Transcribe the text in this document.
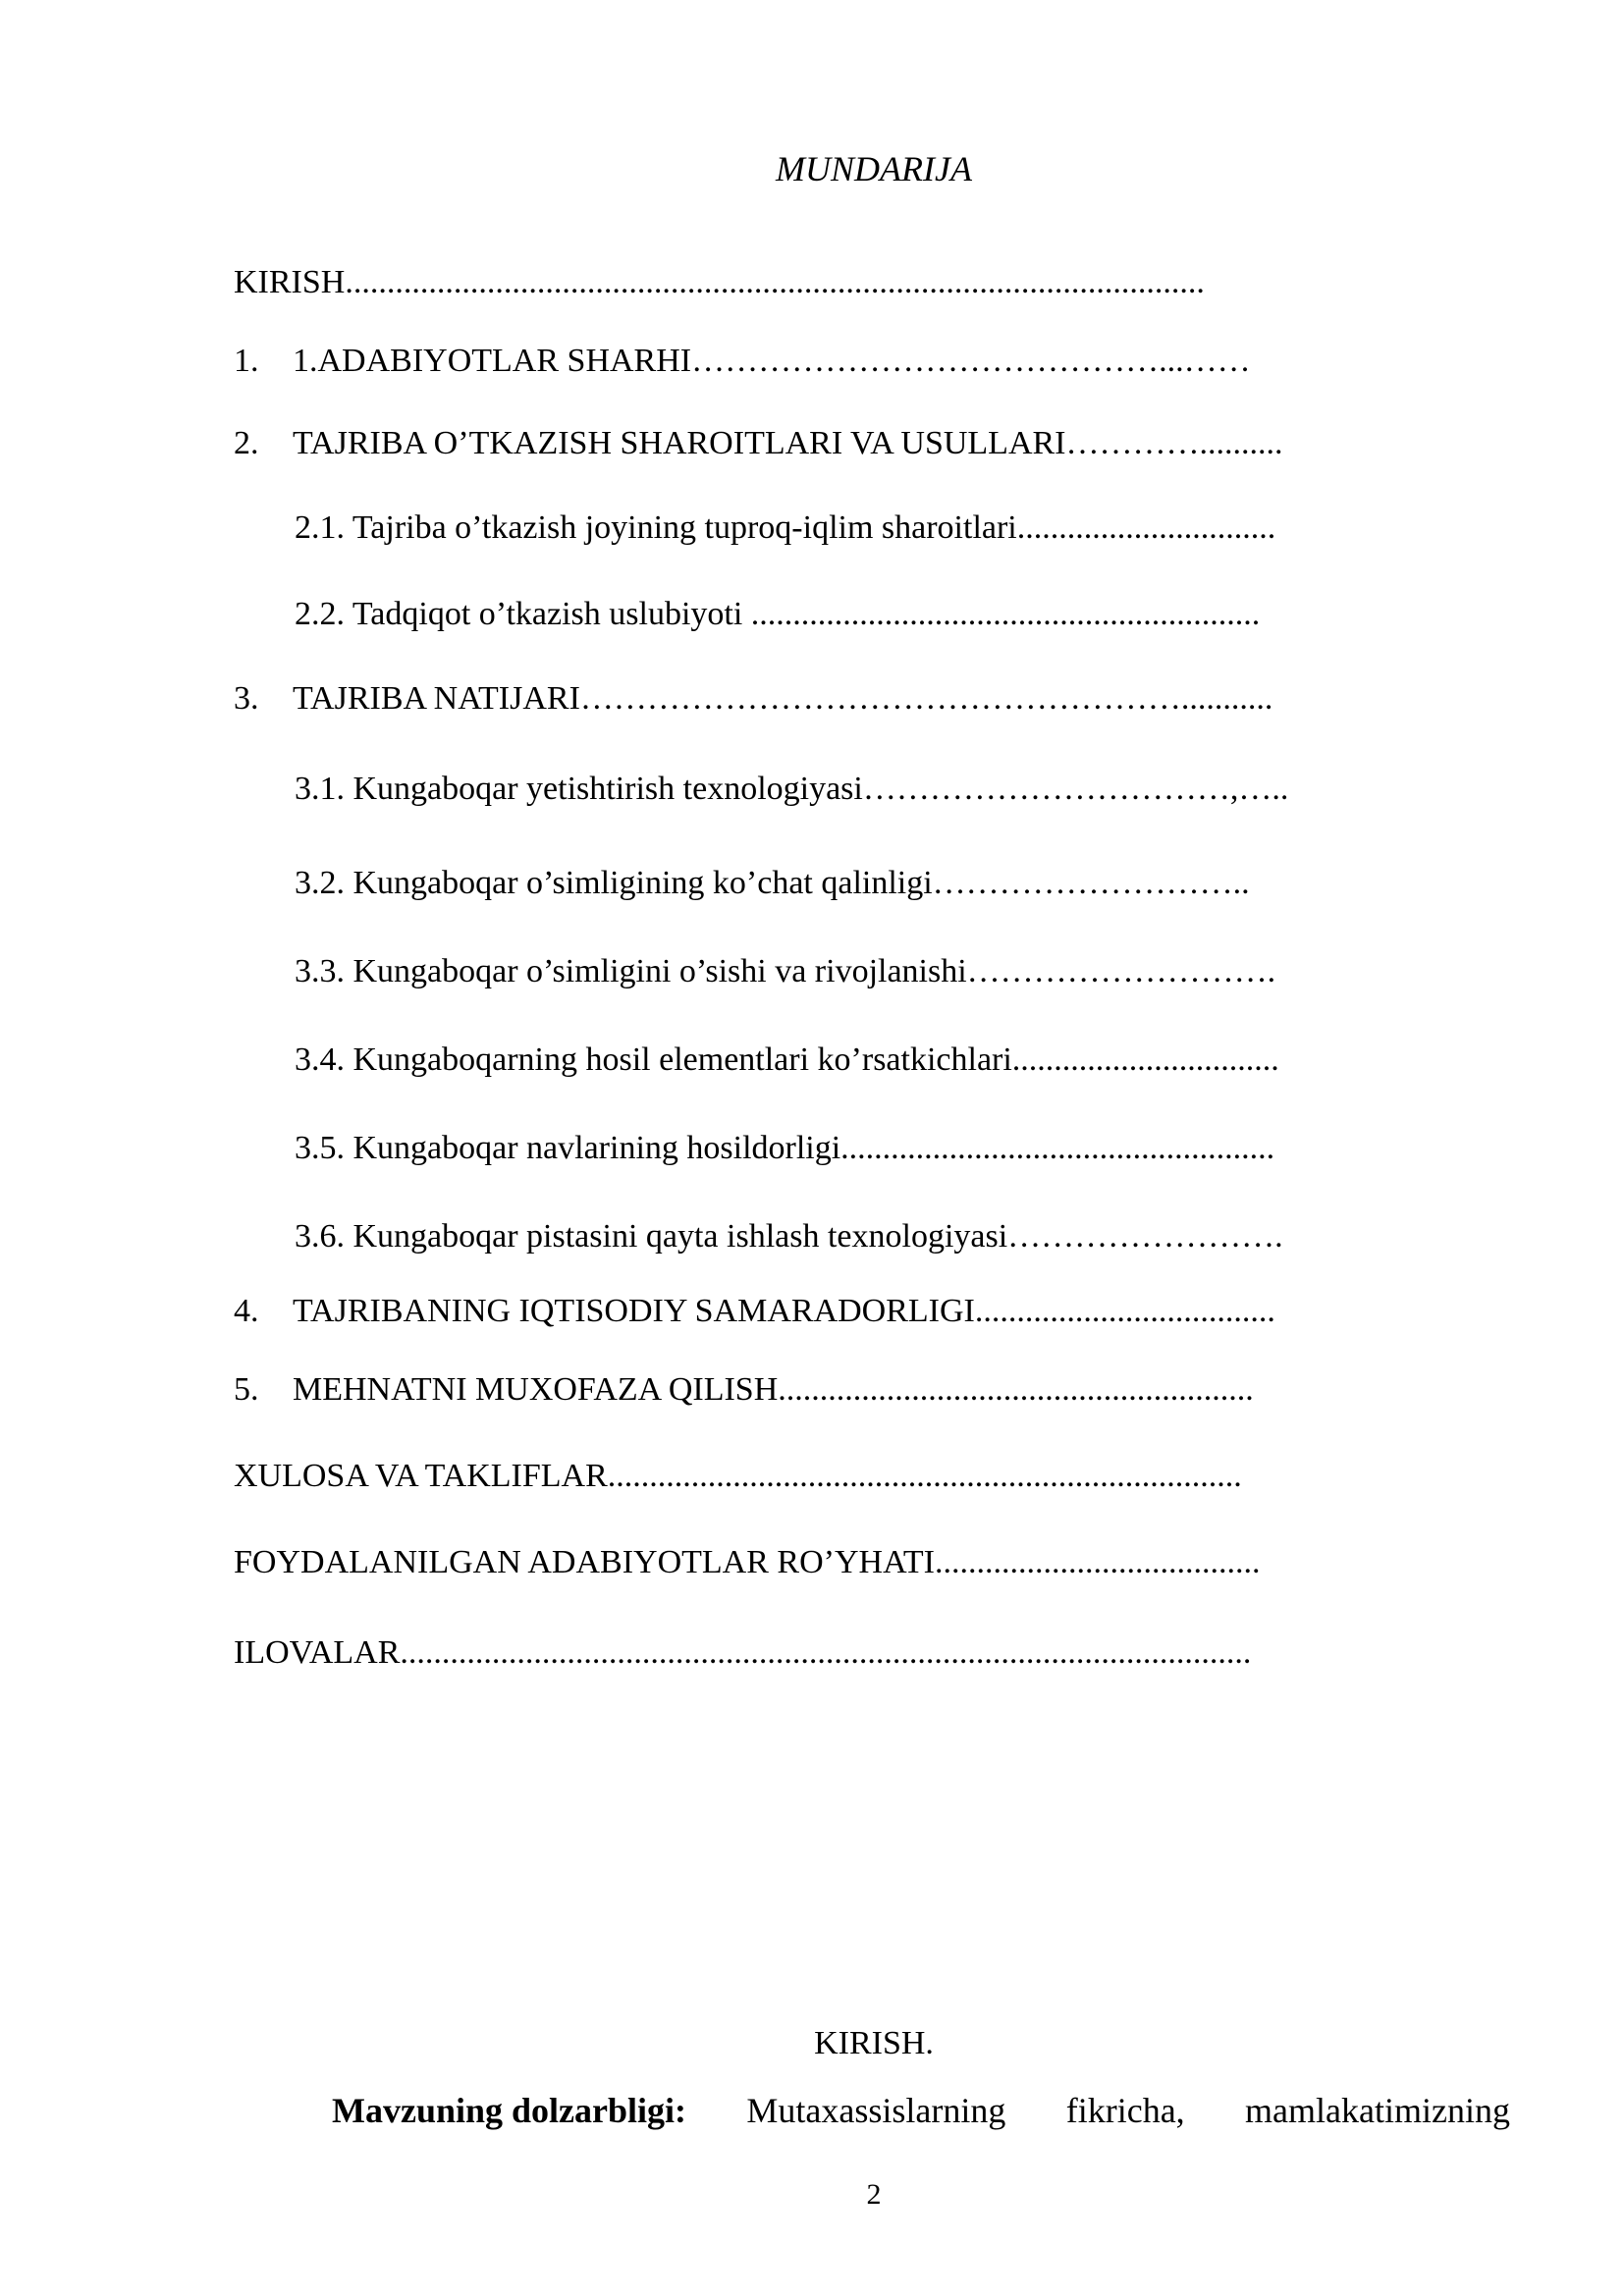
MUNDARIJA
KIRISH.......................................................................................................
1. 1.ADABIYOTLAR SHARHI……………………………………...……
2. TAJRIBA O’TKAZISH SHAROITLARI VA USULLARI…………..........
2.1. Tajriba o’tkazish joyining tuproq-iqlim sharoitlari...............................
2.2. Tadqiqot o’tkazish uslubiyoti .............................................................
3. TAJRIBA NATIJARI………………………………………………...........
3.1. Kungaboqar yetishtirish texnologiyasi……………………………,…..
3.2. Kungaboqar o’simligining ko’chat qalinligi………………………..
3.3. Kungaboqar o’simligini o’sishi va rivojlanishi……………………….
3.4. Kungaboqarning hosil elementlari ko’rsatkichlari................................
3.5. Kungaboqar navlarining hosildorligi....................................................
3.6. Kungaboqar pistasini qayta ishlash texnologiyasi…………………….
4. TAJRIBANING IQTISODIY SAMARADORLIGI....................................
5. MEHNATNI MUXOFAZA QILISH.........................................................
XULOSA VA TAKLIFLAR............................................................................
FOYDALANILGAN ADABIYOTLAR RO’YHATI.......................................
ILOVALAR......................................................................................................
KIRISH.
Mavzuning dolzarbligi: Mutaxassislarning fikricha, mamlakatimizning
2
